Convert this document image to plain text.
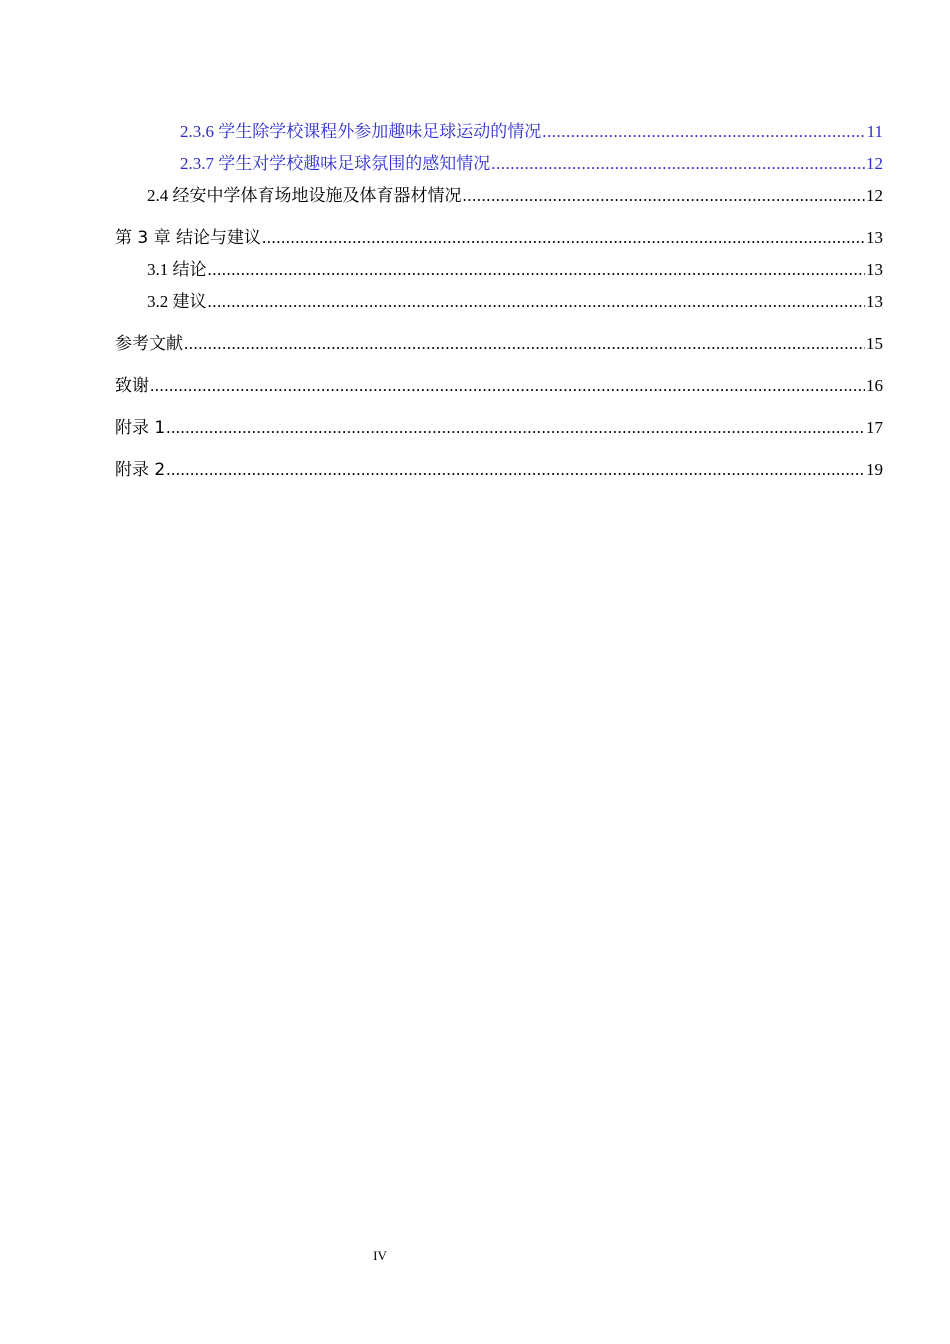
2.3.6 学生除学校课程外参加趣味足球运动的情况 .....	11
2.3.7 学生对学校趣味足球氛围的感知情况 .....	12
2.4 经安中学体育场地设施及体育器材情况 .....	12
第 3 章 结论与建议 .....	13
3.1 结论 .....	13
3.2 建议 .....	13
参考文献 .....	15
致谢 .....	16
附录 1 .....	17
附录 2 .....	19
IV
